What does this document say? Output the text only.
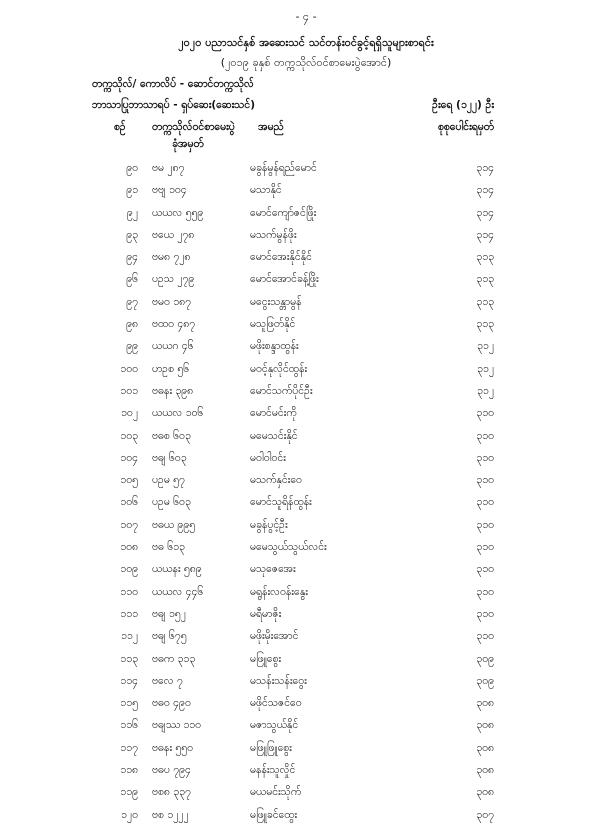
- ၄ -
၂၀၂၀ ပညာသင်နှစ် အဆေးသင် သင်တန်းဝင်ခွင့်ရရှိသူများစာရင်း
(၂၀၁၉ ခုနှစ် တက္ကသိုလ်ဝင်စာမေးပွဲအောင်)
တက္ကသိုလ်/ ကောလိပ် - ဆောင်တက္ကသိုလ်
ဘာသာပြုဘာသာရပ် - ရှပ်ဆေး(ဆေးသင်)	ဦးရေ (၁၂၂) ဦး
စဉ်	တက္ကသိုလ်ဝင်စာမေးပွဲ
ခုံအမှတ်
အမည်	စုစုပေါင်းရမှတ်
၉၀ ဗမ ၂၈၇	မခွန်မွန်ရည်မောင်	၃၁၄
၉၁ ဗဗျ ၁၀၄	မသာနိုင်	၃၁၄
၉၂ ယယလ ၅၅၉	မောင်ကျော်ဇင်ဖြိုး	၃၁၄
၉၃ ဗယေ ၂၇၈	မသက်မွန်ဖိုး	၃၁၄
၉၄ ဗမ၈ ၇၂၈	မောင်အေးနိုင်နိုင်	၃၁၃
၉၆ ပဥသ ၂၇၉	မောင်အောင်ခန့်ဖြိုး	၃၁၃
၉၇ ဗမဝ ၁၈၇	မငွေးသန္တာမွန်	၃၁၃
၉၈ ဗထဝ ၄၈၇	မသူဖြတ်နိုင်	၃၁၃
၉၉ ယယဂ ၄၆	မဖိုးစန္ဒာထွန်း	၃၁၂
၁၀၀ ဟဥစ ၅၆	မဝင့်နုလိုင်ထွန်း	၃၁၂
၁၀၁ ဗဓနး ၃၉၈	မောင်သက်ပိုင်ဦး	၃၁၂
၁၀၂ ယယလ ၁၀၆	မောင်မင်းကို	၃၁၀
၁၀၃ ဗဓစ ၆၀၃	မမေသင်းနိုင်	၃၁၀
၁၀၄ ဗဓျ ၆၀၃	မဝါဝါဝင်း	၃၁၀
၁၀၅ ပဥမ ၅၇	မသက်နှင်းဝေ	၃၁၀
၁၀၆ ပဥမ ၆၀၃	မောင်သူရိန်ထွန်း	၃၁၀
၁၀၇ ဗဓယ ၉၉၅	မခွန်ပွင့်ဦး	၃၁၀
၁၀၈ ဗဓ ၆၁၃	မမေသွယ်သွယ်လင်း	၃၁၀
၁၀၉ ယယနး ၅၈၉	မသုဇေအေး	၃၁၀
၁၁၀ ယယလ ၄၄၆	မရွန်းလဝန်းနွေး	၃၁၀
၁၁၁ ဗဓျ ၁၅၂	မရီမာဇိုး	၃၁၀
၁၁၂ ဗဓျ ၆၇၅	မဖိုးမိုးအောင်	၃၁၀
၁၁၃ ဗဓက ၃၁၃	မဖြူစွေး	၃၀၉
၁၁၄ ဗလေ ၇	မသန်းသန်းဝွေး	၃၀၉
၁၁၅ ဗဓဝ ၄၉၀	မဖိုင်သဇင်ဝေ	၃၀၈
၁၁၆ ဗဓျဿ ၁၁၀	မဇာသွယ်နိုင်	၃၀၈
၁၁၇ ဗဓနး ၅၅၀	မဖြူဖြူစွေး	၃၀၈
၁၁၈ ဗဓပ ၇၉၄	မနန်းသူလှိုင်	၃၀၈
၁၁၉ ဗစ၈ ၃၃၇	မယမင်းသိုက်	၃၀၈
၁၂၀ ဗစ ၁၂၂၂	မဖြူခင်ထွေး	၃၀၇
